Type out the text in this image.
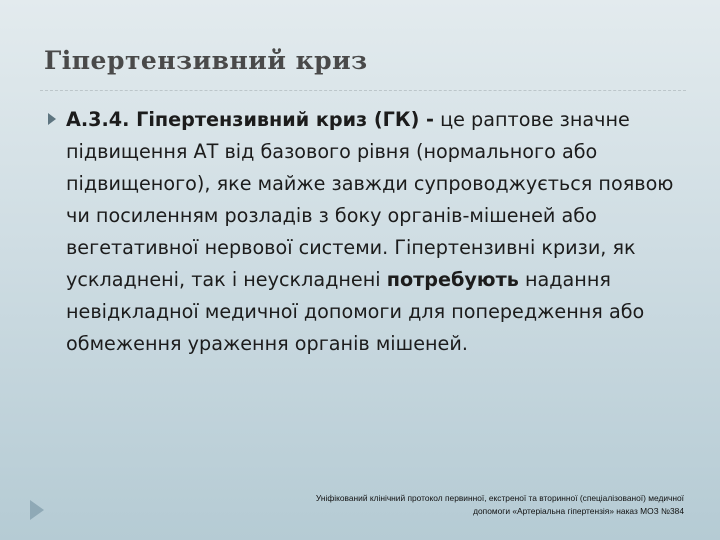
Гіпертензивний криз

А.3.4. Гіпертензивний криз (ГК) - це раптове значне підвищення АТ від базового рівня (нормального або підвищеного), яке майже завжди супроводжується появою чи посиленням розладів з боку органів-мішеней або вегетативної нервової системи. Гіпертензивні кризи, як ускладнені, так і неускладнені потребують надання невідкладної медичної допомоги для попередження або обмеження ураження органів мішеней.

Уніфікований клінічний протокол первинної, екстреної та вторинної (спеціалізованої) медичної
допомоги «Артеріальна гіпертензія» наказ МОЗ №384
